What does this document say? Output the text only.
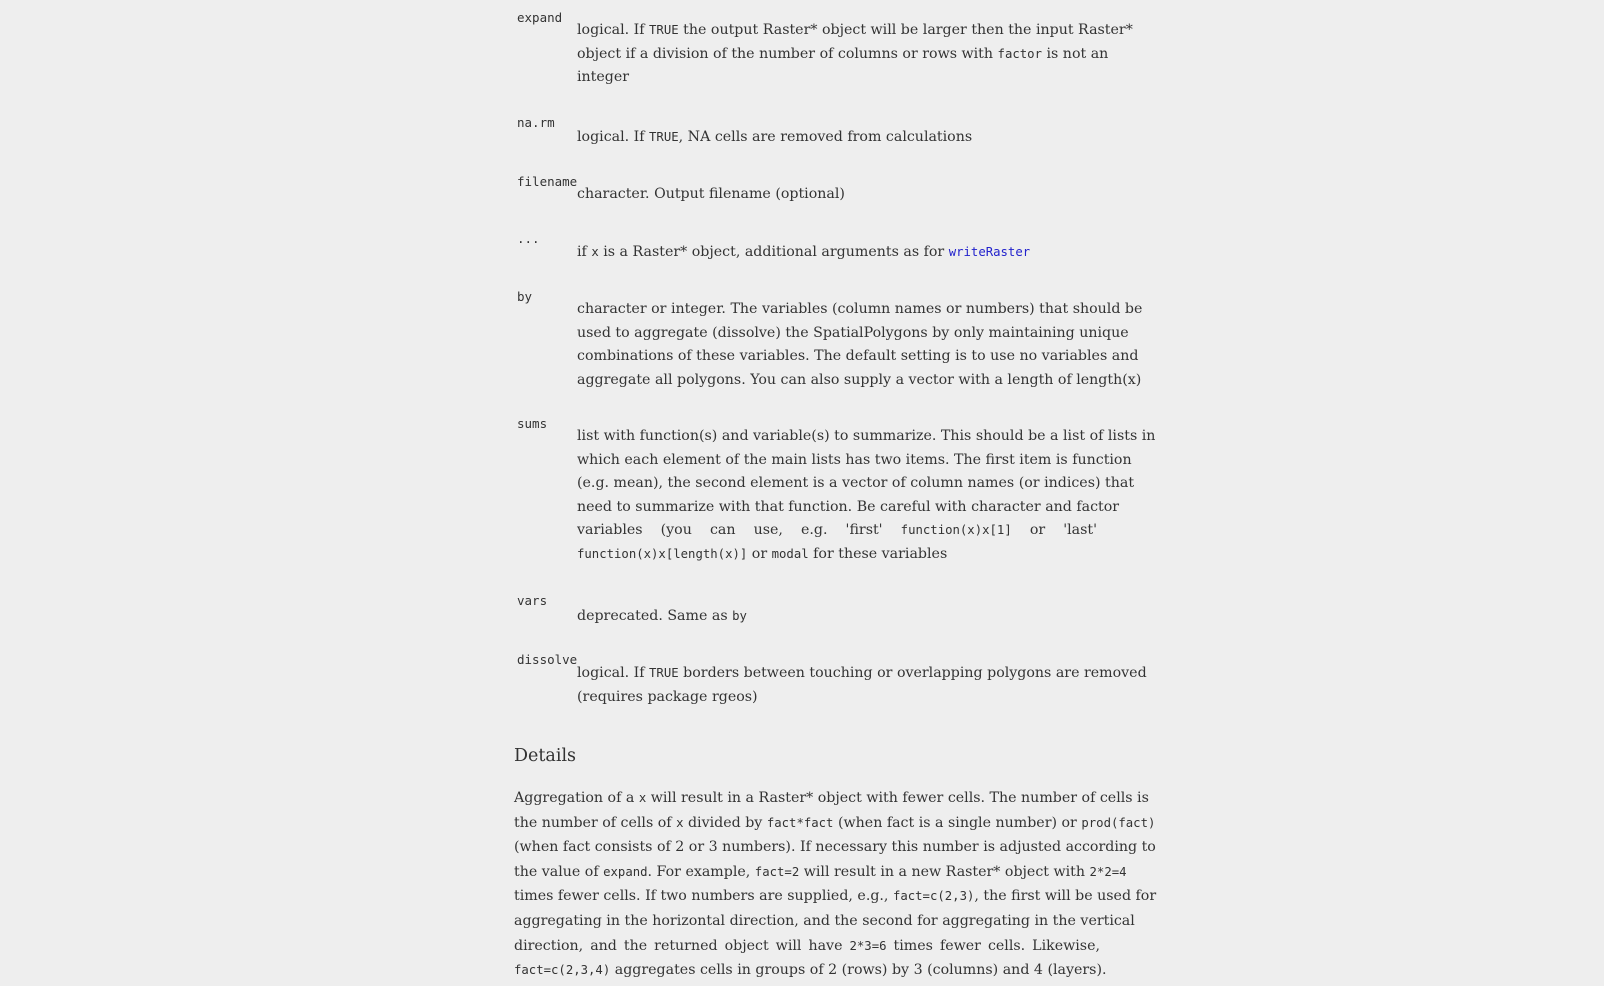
expand
logical. If TRUE the output Raster* object will be larger then the input Raster*
object if a division of the number of columns or rows with factor is not an
integer
na.rm
logical. If TRUE, NA cells are removed from calculations
filename
character. Output filename (optional)
...
if x is a Raster* object, additional arguments as for writeRaster
by
character or integer. The variables (column names or numbers) that should be
used to aggregate (dissolve) the SpatialPolygons by only maintaining unique
combinations of these variables. The default setting is to use no variables and
aggregate all polygons. You can also supply a vector with a length of length(x)
sums
list with function(s) and variable(s) to summarize. This should be a list of lists in
which each element of the main lists has two items. The first item is function
(e.g. mean), the second element is a vector of column names (or indices) that
need to summarize with that function. Be careful with character and factor
variables (you can use, e.g. 'first' function(x)x[1] or 'last'
function(x)x[length(x)] or modal for these variables
vars
deprecated. Same as by
dissolve
logical. If TRUE borders between touching or overlapping polygons are removed
(requires package rgeos)
Details
Aggregation of a x will result in a Raster* object with fewer cells. The number of cells is
the number of cells of x divided by fact*fact (when fact is a single number) or prod(fact)
(when fact consists of 2 or 3 numbers). If necessary this number is adjusted according to
the value of expand. For example, fact=2 will result in a new Raster* object with 2*2=4
times fewer cells. If two numbers are supplied, e.g., fact=c(2,3), the first will be used for
aggregating in the horizontal direction, and the second for aggregating in the vertical
direction, and the returned object will have 2*3=6 times fewer cells. Likewise,
fact=c(2,3,4) aggregates cells in groups of 2 (rows) by 3 (columns) and 4 (layers).
